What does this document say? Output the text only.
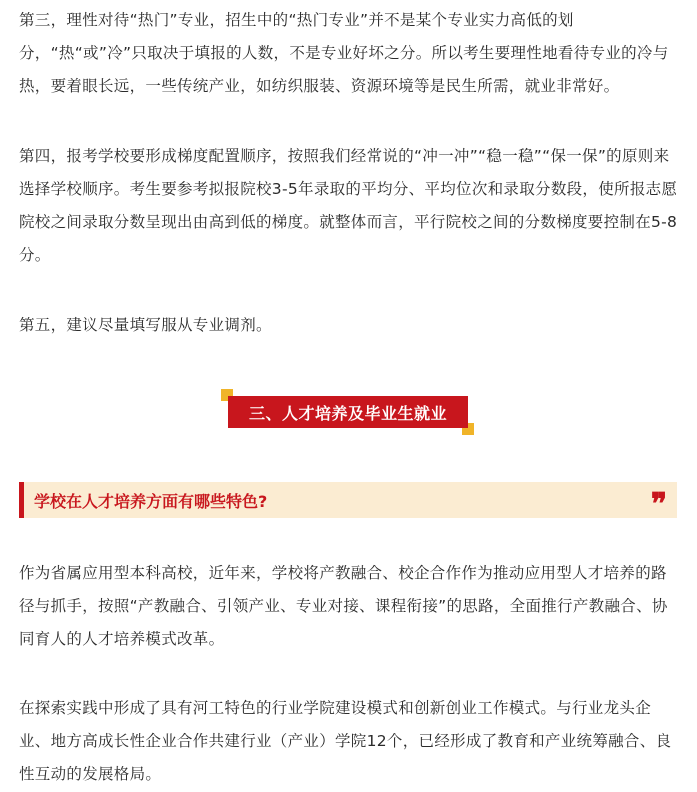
第三，理性对待“热门”专业，招生中的“热门专业”并不是某个专业实力高低的划分，“热“或”冷”只取决于填报的人数，不是专业好坏之分。所以考生要理性地看待专业的冷与热，要着眼长远，一些传统产业，如纺织服装、资源环境等是民生所需，就业非常好。

第四，报考学校要形成梯度配置顺序，按照我们经常说的“冲一冲”“稳一稳”“保一保”的原则来选择学校顺序。考生要参考拟报院校3-5年录取的平均分、平均位次和录取分数段，使所报志愿院校之间录取分数呈现出由高到低的梯度。就整体而言，平行院校之间的分数梯度要控制在5-8分。

第五，建议尽量填写服从专业调剂。

三、人才培养及毕业生就业
学校在人才培养方面有哪些特色?	❞

作为省属应用型本科高校，近年来，学校将产教融合、校企合作作为推动应用型人才培养的路径与抓手，按照“产教融合、引领产业、专业对接、课程衔接”的思路，全面推行产教融合、协同育人的人才培养模式改革。

在探索实践中形成了具有河工特色的行业学院建设模式和创新创业工作模式。与行业龙头企业、地方高成长性企业合作共建行业（产业）学院12个，已经形成了教育和产业统筹融合、良性互动的发展格局。
